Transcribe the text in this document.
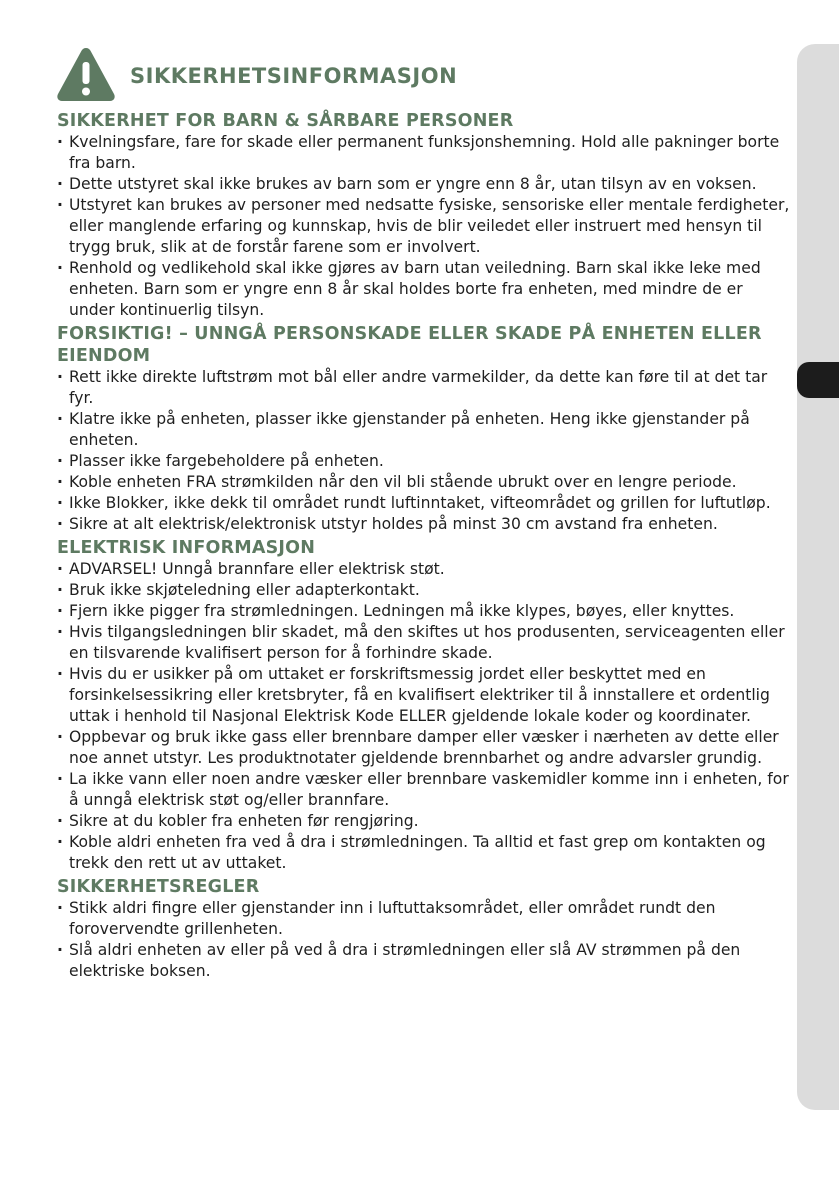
SIKKERHETSINFORMASJON
SIKKERHET FOR BARN & SÅRBARE PERSONER
· Kvelningsfare, fare for skade eller permanent funksjonshemning. Hold alle pakninger borte fra barn.
· Dette utstyret skal ikke brukes av barn som er yngre enn 8 år, utan tilsyn av en voksen.
· Utstyret kan brukes av personer med nedsatte fysiske, sensoriske eller mentale ferdigheter, eller manglende erfaring og kunnskap, hvis de blir veiledet eller instruert med hensyn til trygg bruk, slik at de forstår farene som er involvert.
· Renhold og vedlikehold skal ikke gjøres av barn utan veiledning. Barn skal ikke leke med enheten. Barn som er yngre enn 8 år skal holdes borte fra enheten, med mindre de er under kontinuerlig tilsyn.
FORSIKTIG! – UNNGÅ PERSONSKADE ELLER SKADE PÅ ENHETEN ELLER EIENDOM
· Rett ikke direkte luftstrøm mot bål eller andre varmekilder, da dette kan føre til at det tar fyr.
· Klatre ikke på enheten, plasser ikke gjenstander på enheten. Heng ikke gjenstander på enheten.
· Plasser ikke fargebeholdere på enheten.
· Koble enheten FRA strømkilden når den vil bli stående ubrukt over en lengre periode.
· Ikke Blokker, ikke dekk til området rundt luftinntaket, vifteområdet og grillen for luftutløp.
· Sikre at alt elektrisk/elektronisk utstyr holdes på minst 30 cm avstand fra enheten.
ELEKTRISK INFORMASJON
· ADVARSEL! Unngå brannfare eller elektrisk støt.
· Bruk ikke skjøteledning eller adapterkontakt.
· Fjern ikke pigger fra strømledningen. Ledningen må ikke klypes, bøyes, eller knyttes.
· Hvis tilgangsledningen blir skadet, må den skiftes ut hos produsenten, serviceagenten eller en tilsvarende kvalifisert person for å forhindre skade.
· Hvis du er usikker på om uttaket er forskriftsmessig jordet eller beskyttet med en forsinkelsessikring eller kretsbryter, få en kvalifisert elektriker til å innstallere et ordentlig uttak i henhold til Nasjonal Elektrisk Kode ELLER gjeldende lokale koder og koordinater.
· Oppbevar og bruk ikke gass eller brennbare damper eller væsker i nærheten av dette eller noe annet utstyr. Les produktnotater gjeldende brennbarhet og andre advarsler grundig.
· La ikke vann eller noen andre væsker eller brennbare vaskemidler komme inn i enheten, for å unngå elektrisk støt og/eller brannfare.
· Sikre at du kobler fra enheten før rengjøring.
· Koble aldri enheten fra ved å dra i strømledningen. Ta alltid et fast grep om kontakten og trekk den rett ut av uttaket.
SIKKERHETSREGLER
· Stikk aldri fingre eller gjenstander inn i luftuttaksområdet, eller området rundt den forovervendte grillenheten.
· Slå aldri enheten av eller på ved å dra i strømledningen eller slå AV strømmen på den elektriske boksen.
